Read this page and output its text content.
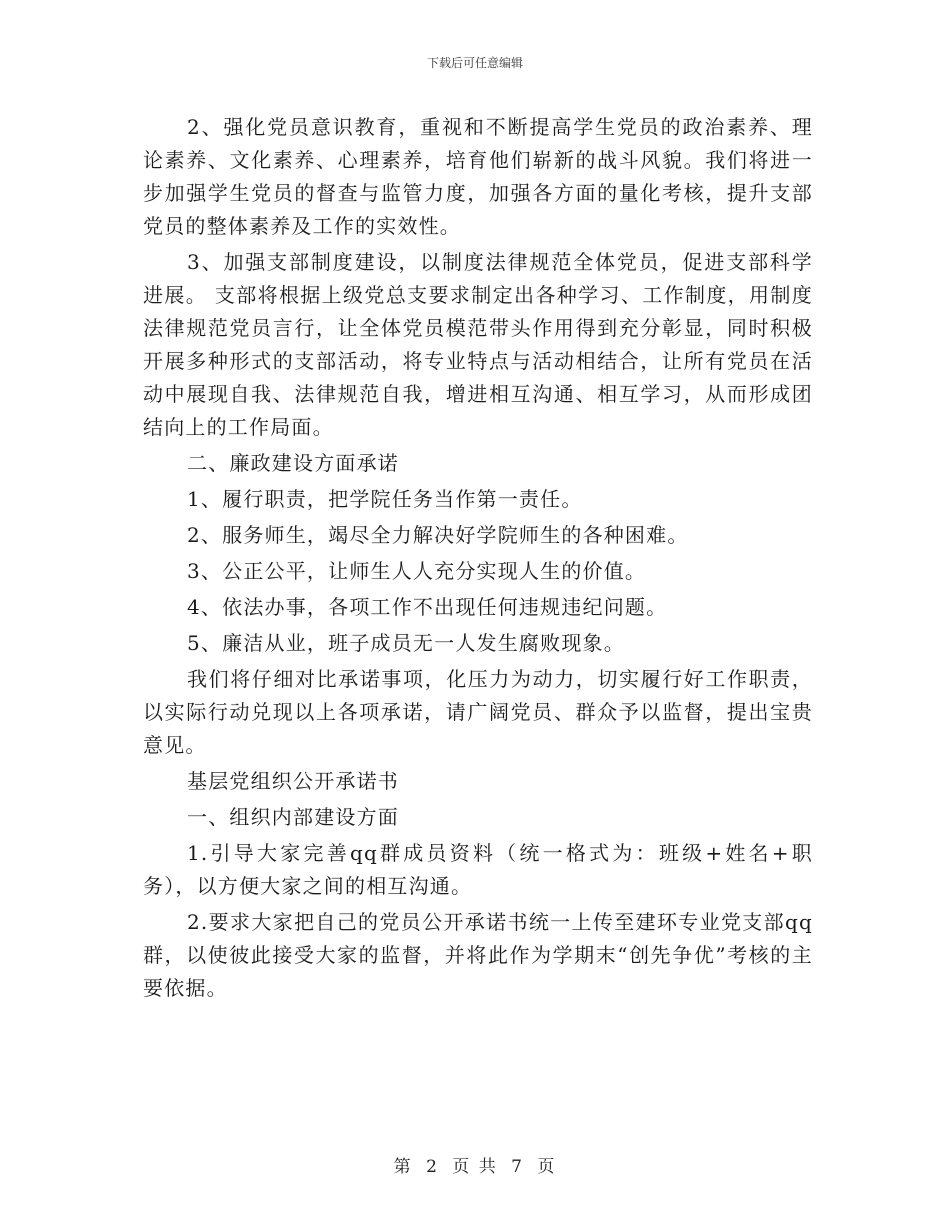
下载后可任意编辑

2、强化党员意识教育，重视和不断提高学生党员的政治素养、理论素养、文化素养、心理素养，培育他们崭新的战斗风貌。我们将进一步加强学生党员的督查与监管力度，加强各方面的量化考核，提升支部党员的整体素养及工作的实效性。

3、加强支部制度建设，以制度法律规范全体党员，促进支部科学进展。 支部将根据上级党总支要求制定出各种学习、工作制度，用制度法律规范党员言行，让全体党员模范带头作用得到充分彰显，同时积极开展多种形式的支部活动，将专业特点与活动相结合，让所有党员在活动中展现自我、法律规范自我，增进相互沟通、相互学习，从而形成团结向上的工作局面。

二、廉政建设方面承诺

1、履行职责，把学院任务当作第一责任。

2、服务师生，竭尽全力解决好学院师生的各种困难。

3、公正公平，让师生人人充分实现人生的价值。

4、依法办事，各项工作不出现任何违规违纪问题。

5、廉洁从业，班子成员无一人发生腐败现象。

我们将仔细对比承诺事项，化压力为动力，切实履行好工作职责，以实际行动兑现以上各项承诺，请广阔党员、群众予以监督，提出宝贵意见。

基层党组织公开承诺书

一、组织内部建设方面

1.引导大家完善qq群成员资料（统一格式为：班级+姓名+职务），以方便大家之间的相互沟通。

2.要求大家把自己的党员公开承诺书统一上传至建环专业党支部qq群，以使彼此接受大家的监督，并将此作为学期末“创先争优”考核的主要依据。

第 2 页 共 7 页
